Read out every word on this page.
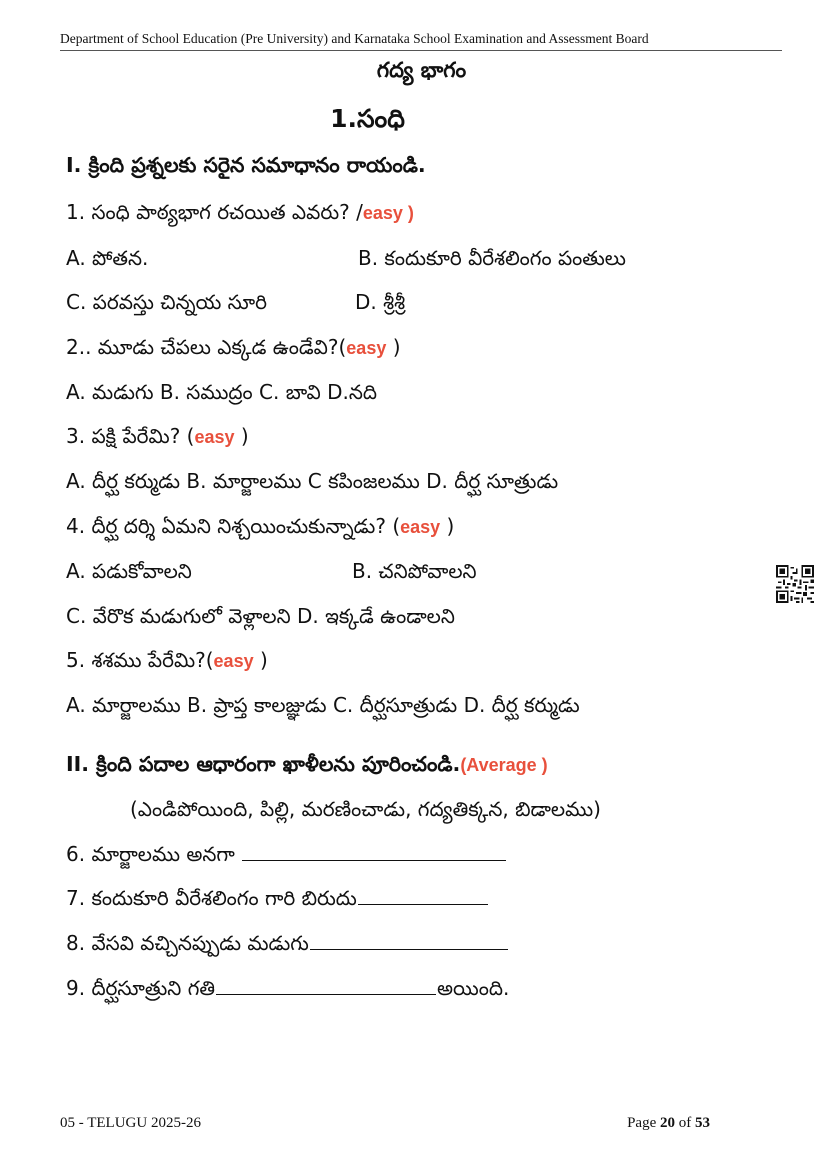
Department of School Education (Pre University) and Karnataka School Examination and Assessment Board
గద్య భాగం
1.సంధి
I. క్రింది ప్రశ్నలకు సరైన సమాధానం రాయండి.
1. సంధి పాఠ్యభాగ రచయిత ఎవరు? /easy )
A. పోతన.	B. కందుకూరి వీరేశలింగం పంతులు
C. పరవస్తు చిన్నయ సూరి	D. శ్రీశ్రీ
2.. మూడు చేపలు ఎక్కడ ఉండేవి?(easy )
A. మడుగు B. సముద్రం C. బావి D.నది
3. పక్షి పేరేమి? (easy )
A. దీర్ఘ కర్ముడు B. మార్జాలము C కపింజలము D. దీర్ఘ సూత్రుడు
4. దీర్ఘ దర్శి ఏమని నిశ్చయించుకున్నాడు? (easy )
A. పడుకోవాలని	B. చనిపోవాలని
C. వేరొక మడుగులో వెళ్లాలని D. ఇక్కడే ఉండాలని
5. శశము పేరేమి?(easy )
A. మార్జాలము B. ప్రాప్త కాలజ్ఞుడు C. దీర్ఘసూత్రుడు D. దీర్ఘ కర్ముడు
II. క్రింది పదాల ఆధారంగా ఖాళీలను పూరించండి.(Average )
(ఎండిపోయింది, పిల్లి, మరణించాడు, గద్యతిక్కన, బిడాలము)
6. మార్జాలము అనగా
7. కందుకూరి వీరేశలింగం గారి బిరుదు
8. వేసవి వచ్చినప్పుడు మడుగు
9. దీర్ఘసూత్రుని గతి	అయింది.
05 - TELUGU 2025-26	Page 20 of 53
